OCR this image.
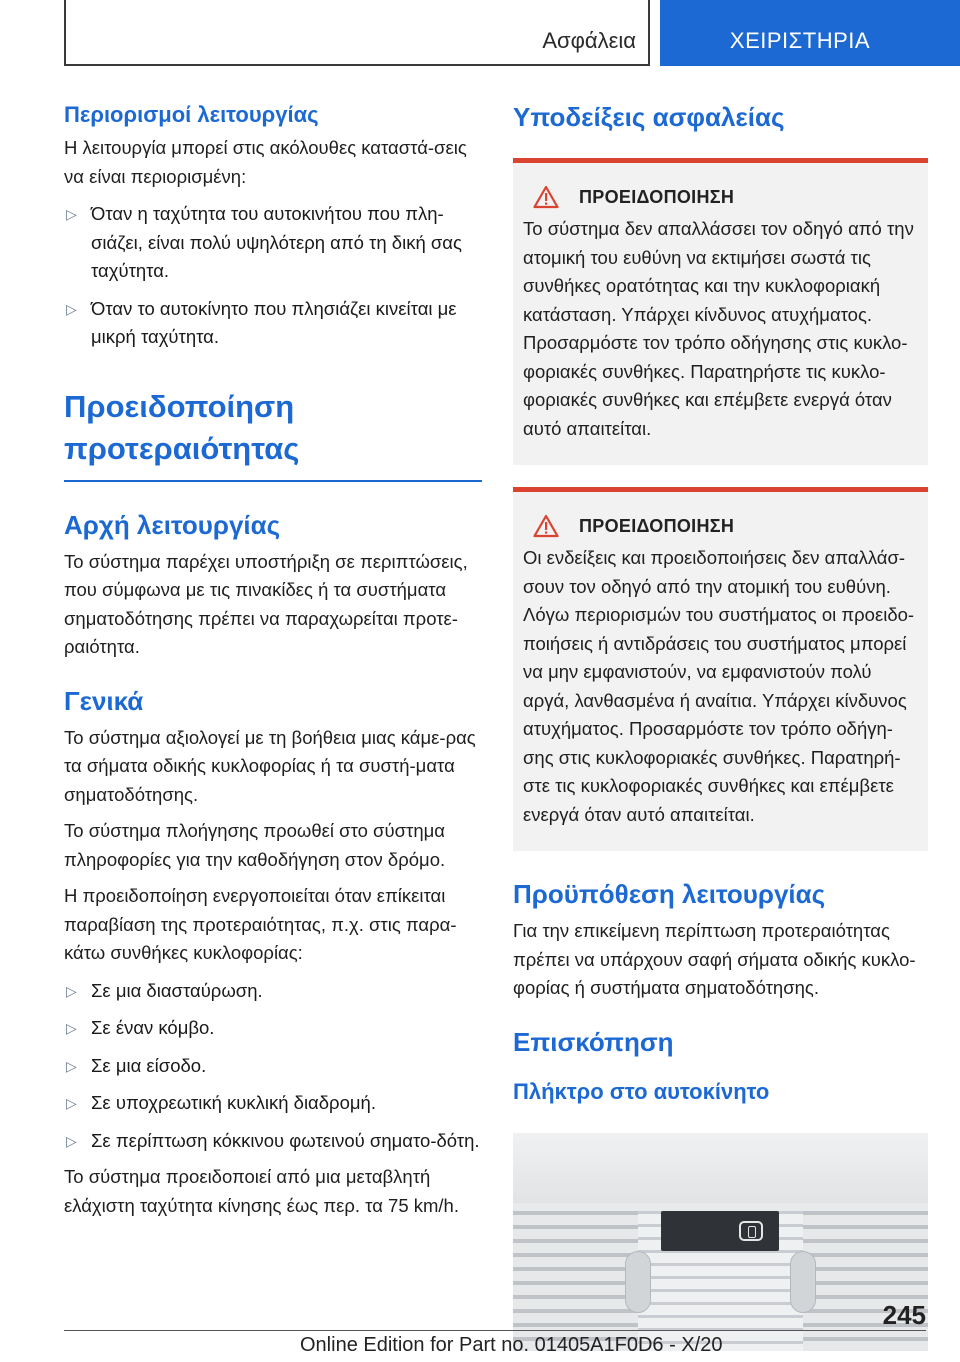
Ασφάλεια	ΧΕΙΡΙΣΤΗΡΙΑ
Περιορισμοί λειτουργίας

Η λειτουργία μπορεί στις ακόλουθες καταστά-σεις να είναι περιορισμένη:

▷ Όταν η ταχύτητα του αυτοκινήτου που πλη-σιάζει, είναι πολύ υψηλότερη από τη δική σας ταχύτητα.
▷ Όταν το αυτοκίνητο που πλησιάζει κινείται με μικρή ταχύτητα.
Προειδοποίηση προτεραιότητας
Αρχή λειτουργίας

Το σύστημα παρέχει υποστήριξη σε περιπτώσεις, που σύμφωνα με τις πινακίδες ή τα συστήματα σηματοδότησης πρέπει να παραχωρείται προτε-ραιότητα.

Γενικά

Το σύστημα αξιολογεί με τη βοήθεια μιας κάμε-ρας τα σήματα οδικής κυκλοφορίας ή τα συστή-ματα σηματοδότησης.

Το σύστημα πλοήγησης προωθεί στο σύστημα πληροφορίες για την καθοδήγηση στον δρόμο.

Η προειδοποίηση ενεργοποιείται όταν επίκειται παραβίαση της προτεραιότητας, π.χ. στις παρα-κάτω συνθήκες κυκλοφορίας:

▷ Σε μια διασταύρωση.
▷ Σε έναν κόμβο.
▷ Σε μια είσοδο.
▷ Σε υποχρεωτική κυκλική διαδρομή.
▷ Σε περίπτωση κόκκινου φωτεινού σηματο-δότη.

Το σύστημα προειδοποιεί από μια μεταβλητή ελάχιστη ταχύτητα κίνησης έως περ. τα 75 km/h.

Υποδείξεις ασφαλείας
ΠΡΟΕΙΔΟΠΟΙΗΣΗ

Το σύστημα δεν απαλλάσσει τον οδηγό από την ατομική του ευθύνη να εκτιμήσει σωστά τις συνθήκες ορατότητας και την κυκλοφοριακή κατάσταση. Υπάρχει κίνδυνος ατυχήματος. Προσαρμόστε τον τρόπο οδήγησης στις κυκλο-φοριακές συνθήκες. Παρατηρήστε τις κυκλο-φοριακές συνθήκες και επέμβετε ενεργά όταν αυτό απαιτείται.

ΠΡΟΕΙΔΟΠΟΙΗΣΗ

Οι ενδείξεις και προειδοποιήσεις δεν απαλλάσ-σουν τον οδηγό από την ατομική του ευθύνη. Λόγω περιορισμών του συστήματος οι προειδο-ποιήσεις ή αντιδράσεις του συστήματος μπορεί να μην εμφανιστούν, να εμφανιστούν πολύ αργά, λανθασμένα ή αναίτια. Υπάρχει κίνδυνος ατυχήματος. Προσαρμόστε τον τρόπο οδήγη-σης στις κυκλοφοριακές συνθήκες. Παρατηρή-στε τις κυκλοφοριακές συνθήκες και επέμβετε ενεργά όταν αυτό απαιτείται.

Προϋπόθεση λειτουργίας

Για την επικείμενη περίπτωση προτεραιότητας πρέπει να υπάρχουν σαφή σήματα οδικής κυκλο-φορίας ή συστήματα σηματοδότησης.

Επισκόπηση
Πλήκτρο στο αυτοκίνητο
245
Online Edition for Part no. 01405A1F0D6 - X/20
